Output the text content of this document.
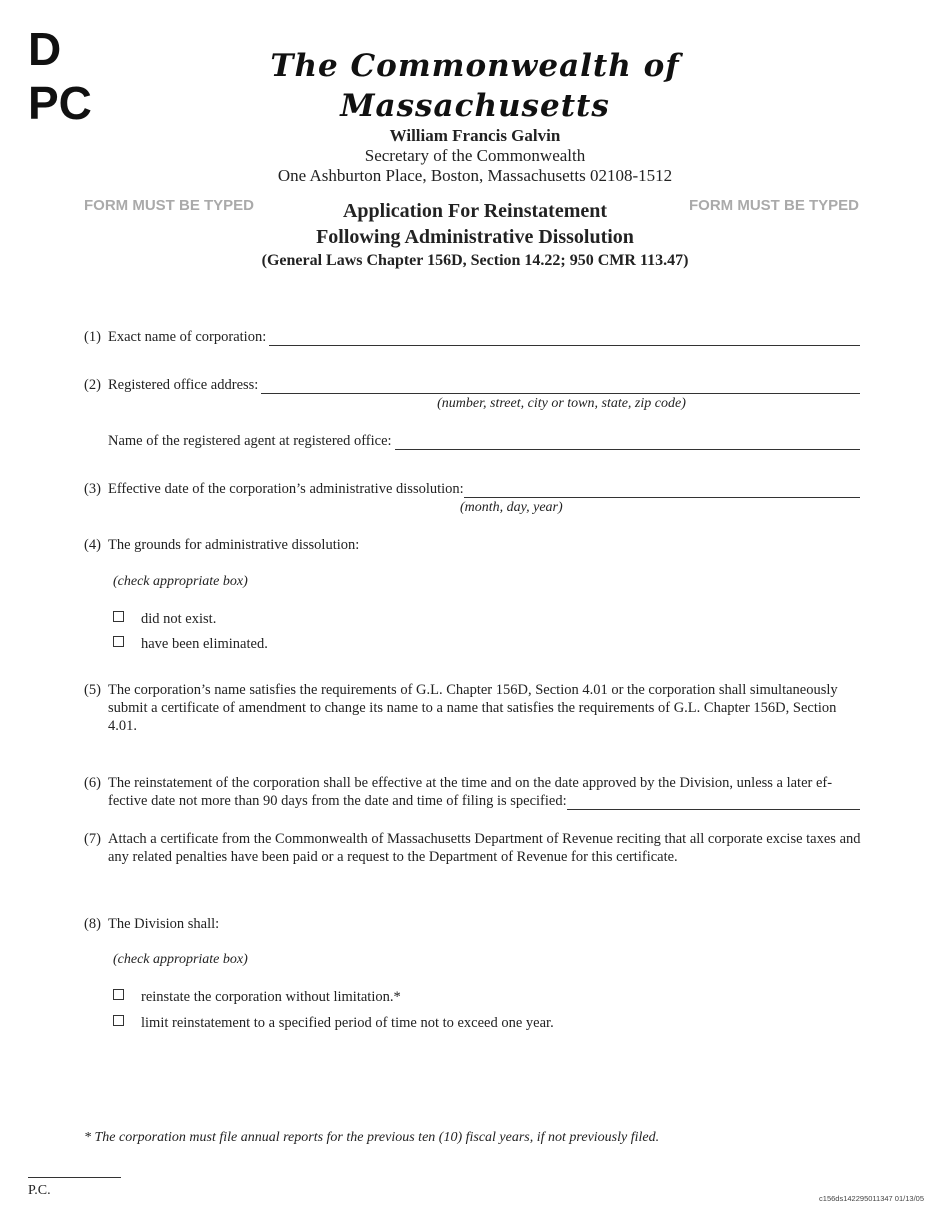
D
PC
The Commonwealth of Massachusetts
William Francis Galvin
Secretary of the Commonwealth
One Ashburton Place, Boston, Massachusetts 02108-1512
FORM MUST BE TYPED	FORM MUST BE TYPED
Application For Reinstatement
Following Administrative Dissolution
(General Laws Chapter 156D, Section 14.22; 950 CMR 113.47)
(1) Exact name of corporation:
(2) Registered office address:
(number, street, city or town, state, zip code)
Name of the registered agent at registered office:
(3) Effective date of the corporation’s administrative dissolution:
(month, day, year)
(4) The grounds for administrative dissolution:
(check appropriate box)
did not exist.
have been eliminated.
(5) The corporation’s name satisfies the requirements of G.L. Chapter 156D, Section 4.01 or the corporation shall simultaneously submit a certificate of amendment to change its name to a name that satisfies the requirements of G.L. Chapter 156D, Section 4.01.
(6) The reinstatement of the corporation shall be effective at the time and on the date approved by the Division, unless a later ef-
fective date not more than 90 days from the date and time of filing is specified:
(7) Attach a certificate from the Commonwealth of Massachusetts Department of Revenue reciting that all corporate excise taxes and any related penalties have been paid or a request to the Department of Revenue for this certificate.
(8) The Division shall:
(check appropriate box)
reinstate the corporation without limitation.*
limit reinstatement to a specified period of time not to exceed one year.
* The corporation must file annual reports for the previous ten (10) fiscal years, if not previously filed.
P.C.
c156ds142295011347 01/13/05
